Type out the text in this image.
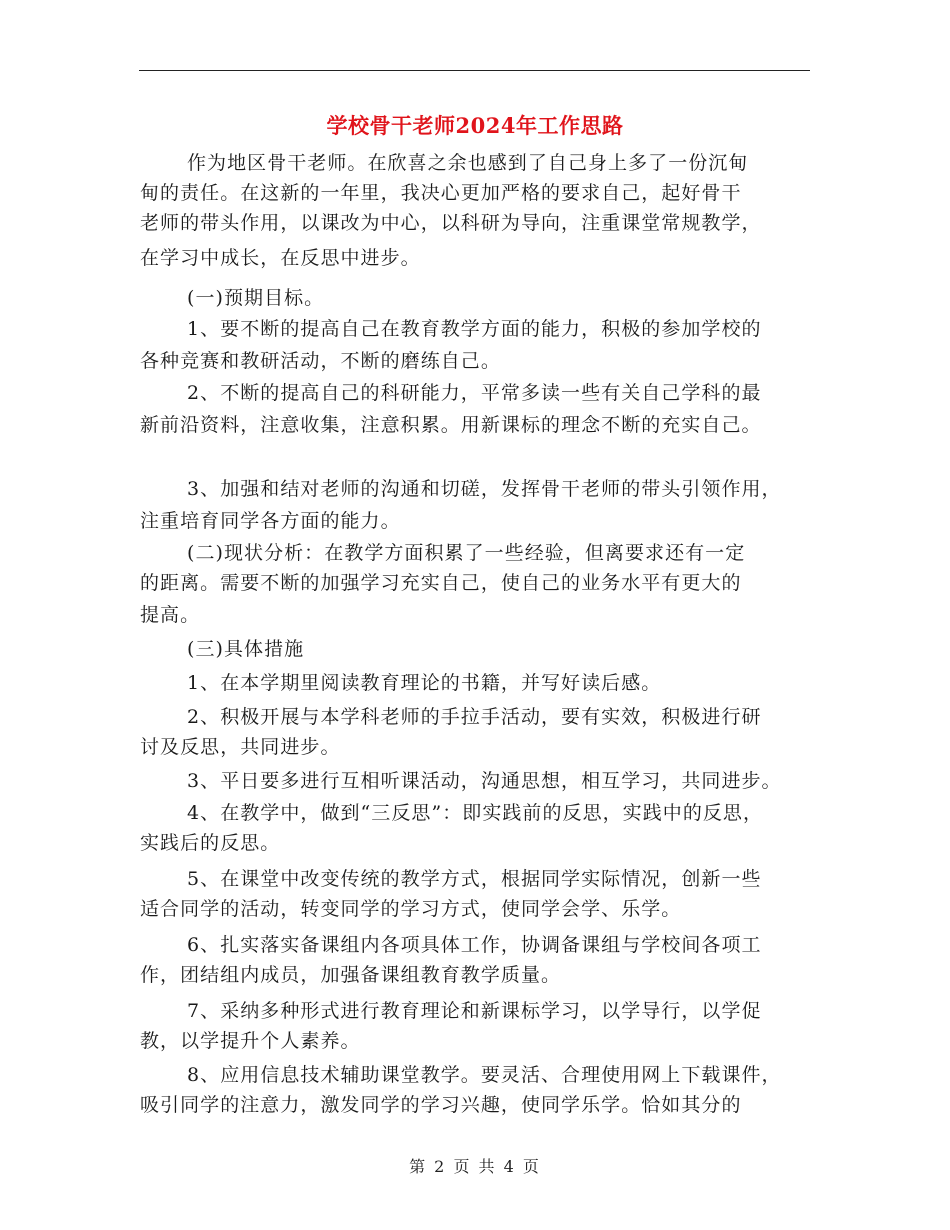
学校骨干老师2024年工作思路
作为地区骨干老师。在欣喜之余也感到了自己身上多了一份沉甸
甸的责任。在这新的一年里，我决心更加严格的要求自己，起好骨干
老师的带头作用，以课改为中心，以科研为导向，注重课堂常规教学，
在学习中成长，在反思中进步。
(一)预期目标。
1、要不断的提高自己在教育教学方面的能力，积极的参加学校的
各种竞赛和教研活动，不断的磨练自己。
2、不断的提高自己的科研能力，平常多读一些有关自己学科的最
新前沿资料，注意收集，注意积累。用新课标的理念不断的充实自己。
3、加强和结对老师的沟通和切磋，发挥骨干老师的带头引领作用，
注重培育同学各方面的能力。
(二)现状分析：在教学方面积累了一些经验，但离要求还有一定
的距离。需要不断的加强学习充实自己，使自己的业务水平有更大的
提高。
(三)具体措施
1、在本学期里阅读教育理论的书籍，并写好读后感。
2、积极开展与本学科老师的手拉手活动，要有实效，积极进行研
讨及反思，共同进步。
3、平日要多进行互相听课活动，沟通思想，相互学习，共同进步。
4、在教学中，做到“三反思”：即实践前的反思，实践中的反思，
实践后的反思。
5、在课堂中改变传统的教学方式，根据同学实际情况，创新一些
适合同学的活动，转变同学的学习方式，使同学会学、乐学。
6、扎实落实备课组内各项具体工作，协调备课组与学校间各项工
作，团结组内成员，加强备课组教育教学质量。
7、采纳多种形式进行教育理论和新课标学习，以学导行，以学促
教，以学提升个人素养。
8、应用信息技术辅助课堂教学。要灵活、合理使用网上下载课件，
吸引同学的注意力，激发同学的学习兴趣，使同学乐学。恰如其分的
第 2 页 共 4 页
